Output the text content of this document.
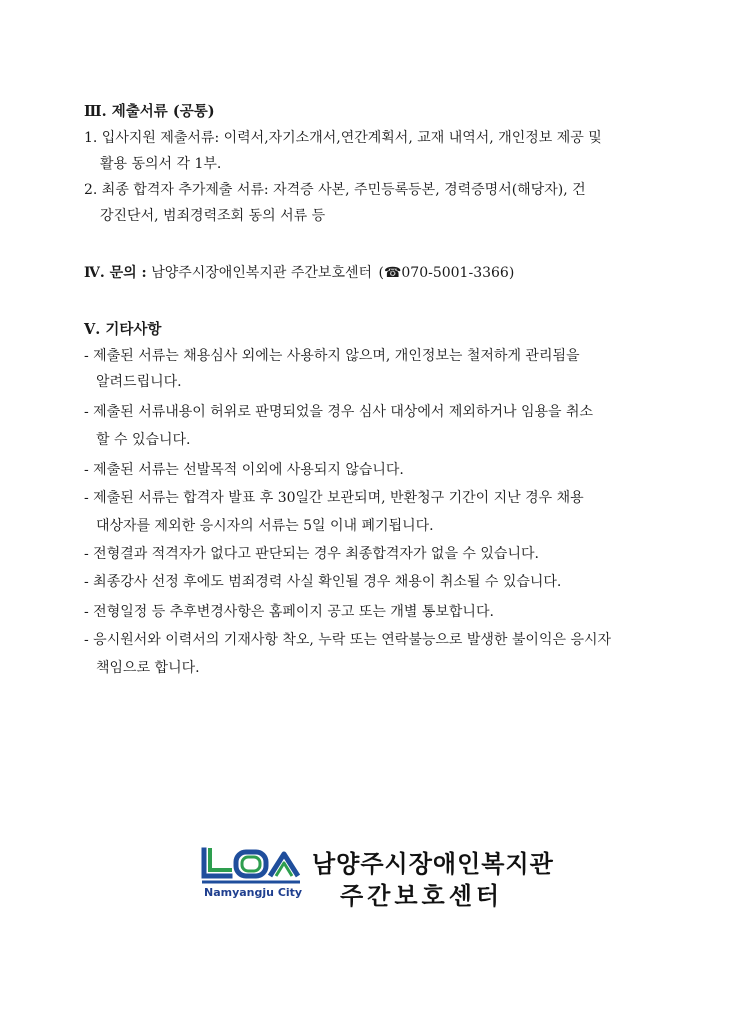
Ⅲ. 제출서류 (공통)
1. 입사지원 제출서류: 이력서,자기소개서,연간계획서, 교재 내역서, 개인정보 제공 및
활용 동의서 각 1부.
2. 최종 합격자 추가제출 서류: 자격증 사본, 주민등록등본, 경력증명서(해당자), 건
강진단서, 범죄경력조회 동의 서류 등
Ⅳ. 문의 : 남양주시장애인복지관 주간보호센터 (☎070-5001-3366)
Ⅴ. 기타사항
- 제출된 서류는 채용심사 외에는 사용하지 않으며, 개인정보는 철저하게 관리됨을
알려드립니다.
- 제출된 서류내용이 허위로 판명되었을 경우 심사 대상에서 제외하거나 임용을 취소
할 수 있습니다.
- 제출된 서류는 선발목적 이외에 사용되지 않습니다.
- 제출된 서류는 합격자 발표 후 30일간 보관되며, 반환청구 기간이 지난 경우 채용
대상자를 제외한 응시자의 서류는 5일 이내 폐기됩니다.
- 전형결과 적격자가 없다고 판단되는 경우 최종합격자가 없을 수 있습니다.
- 최종강사 선정 후에도 범죄경력 사실 확인될 경우 채용이 취소될 수 있습니다.
- 전형일정 등 추후변경사항은 홈페이지 공고 또는 개별 통보합니다.
- 응시원서와 이력서의 기재사항 착오, 누락 또는 연락불능으로 발생한 불이익은 응시자
책임으로 합니다.
남양주시장애인복지관
주간보호센터
Namyangju City
